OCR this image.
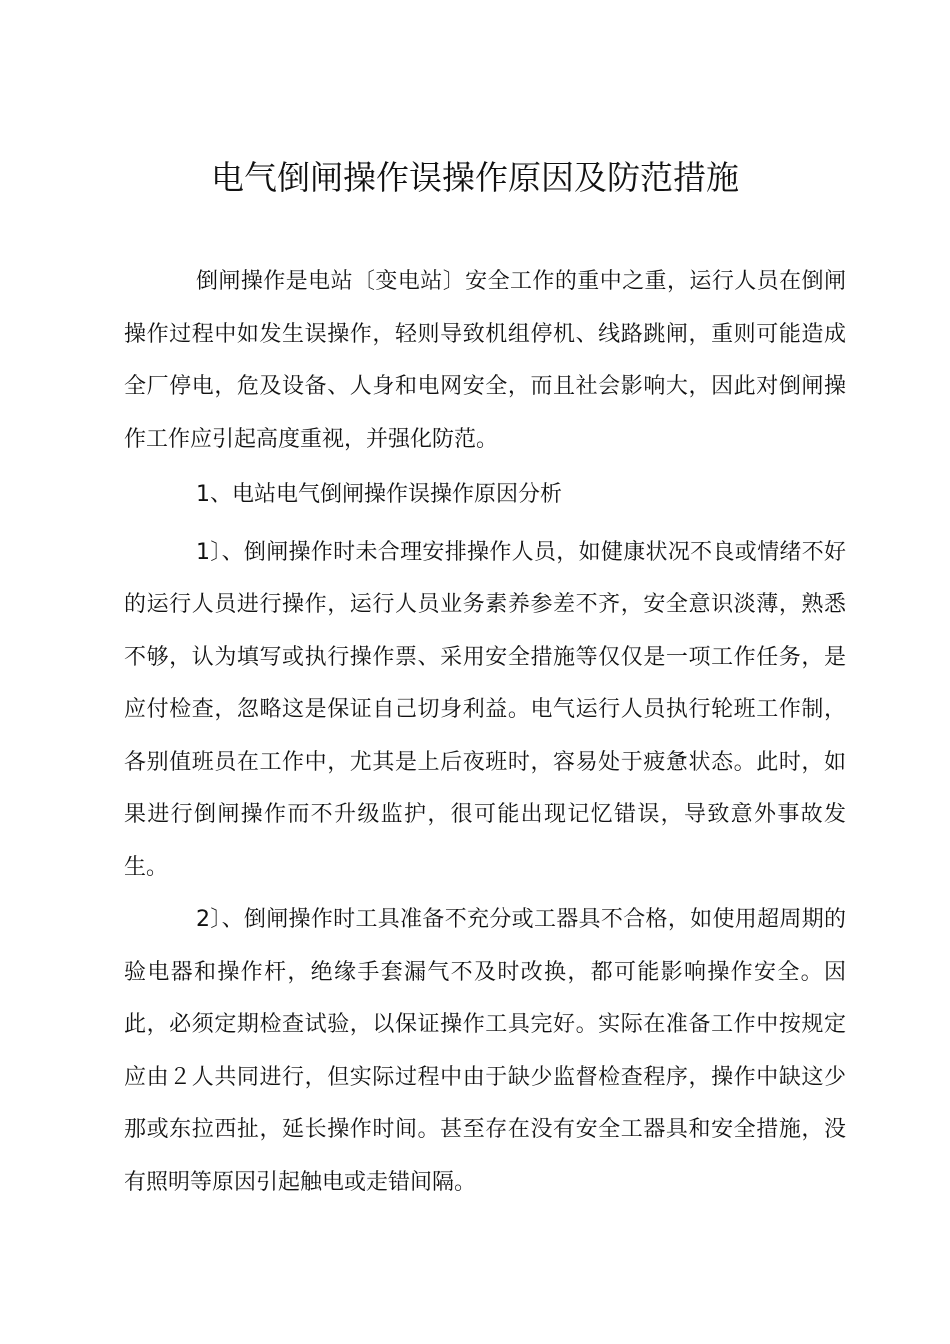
电气倒闸操作误操作原因及防范措施

倒闸操作是电站〔变电站〕安全工作的重中之重，运行人员在倒闸操作过程中如发生误操作，轻则导致机组停机、线路跳闸，重则可能造成全厂停电，危及设备、人身和电网安全，而且社会影响大，因此对倒闸操作工作应引起高度重视，并强化防范。

1、电站电气倒闸操作误操作原因分析

1〕、倒闸操作时未合理安排操作人员，如健康状况不良或情绪不好的运行人员进行操作，运行人员业务素养参差不齐，安全意识淡薄，熟悉不够，认为填写或执行操作票、采用安全措施等仅仅是一项工作任务，是应付检查，忽略这是保证自己切身利益。电气运行人员执行轮班工作制，各别值班员在工作中，尤其是上后夜班时，容易处于疲惫状态。此时，如果进行倒闸操作而不升级监护，很可能出现记忆错误，导致意外事故发生。

2〕、倒闸操作时工具准备不充分或工器具不合格，如使用超周期的验电器和操作杆，绝缘手套漏气不及时改换，都可能影响操作安全。因此，必须定期检查试验，以保证操作工具完好。实际在准备工作中按规定应由２人共同进行，但实际过程中由于缺少监督检查程序，操作中缺这少那或东拉西扯，延长操作时间。甚至存在没有安全工器具和安全措施，没有照明等原因引起触电或走错间隔。
